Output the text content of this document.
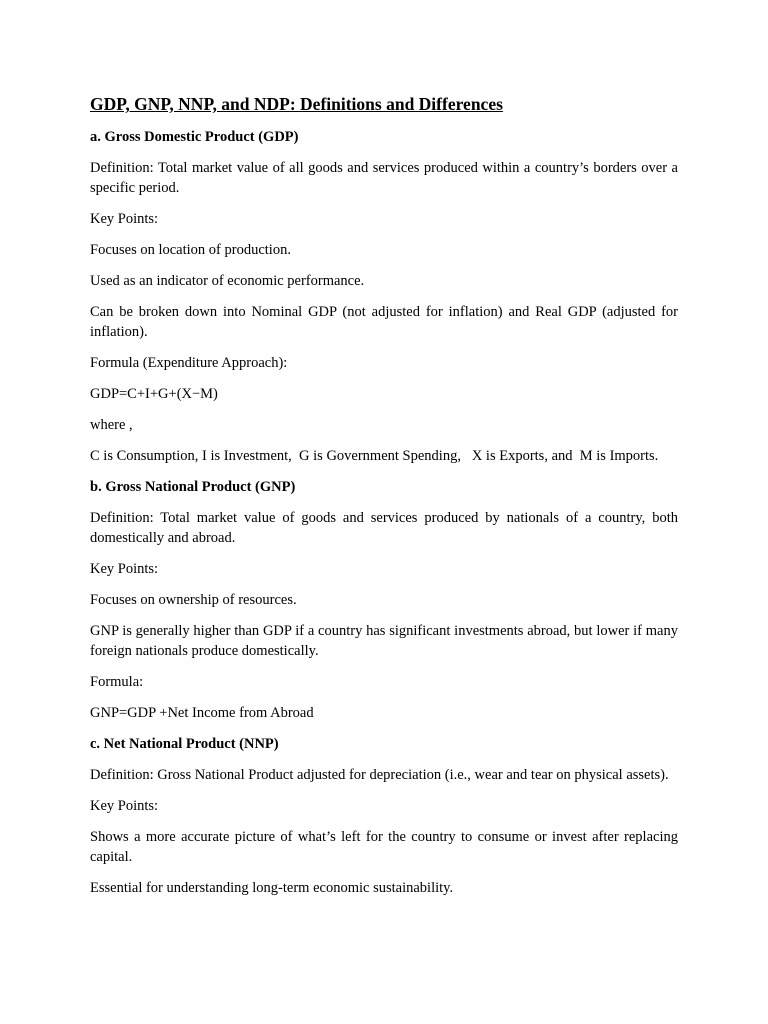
GDP, GNP, NNP, and NDP: Definitions and Differences
a. Gross Domestic Product (GDP)
Definition: Total market value of all goods and services produced within a country’s borders over a specific period.
Key Points:
Focuses on location of production.
Used as an indicator of economic performance.
Can be broken down into Nominal GDP (not adjusted for inflation) and Real GDP (adjusted for inflation).
Formula (Expenditure Approach):
GDP=C+I+G+(X−M)
where ,
C is Consumption, I is Investment,  G is Government Spending,   X is Exports, and  M is Imports.
b. Gross National Product (GNP)
Definition: Total market value of goods and services produced by nationals of a country, both domestically and abroad.
Key Points:
Focuses on ownership of resources.
GNP is generally higher than GDP if a country has significant investments abroad, but lower if many foreign nationals produce domestically.
Formula:
GNP=GDP +Net Income from Abroad
c. Net National Product (NNP)
Definition: Gross National Product adjusted for depreciation (i.e., wear and tear on physical assets).
Key Points:
Shows a more accurate picture of what’s left for the country to consume or invest after replacing capital.
Essential for understanding long-term economic sustainability.
